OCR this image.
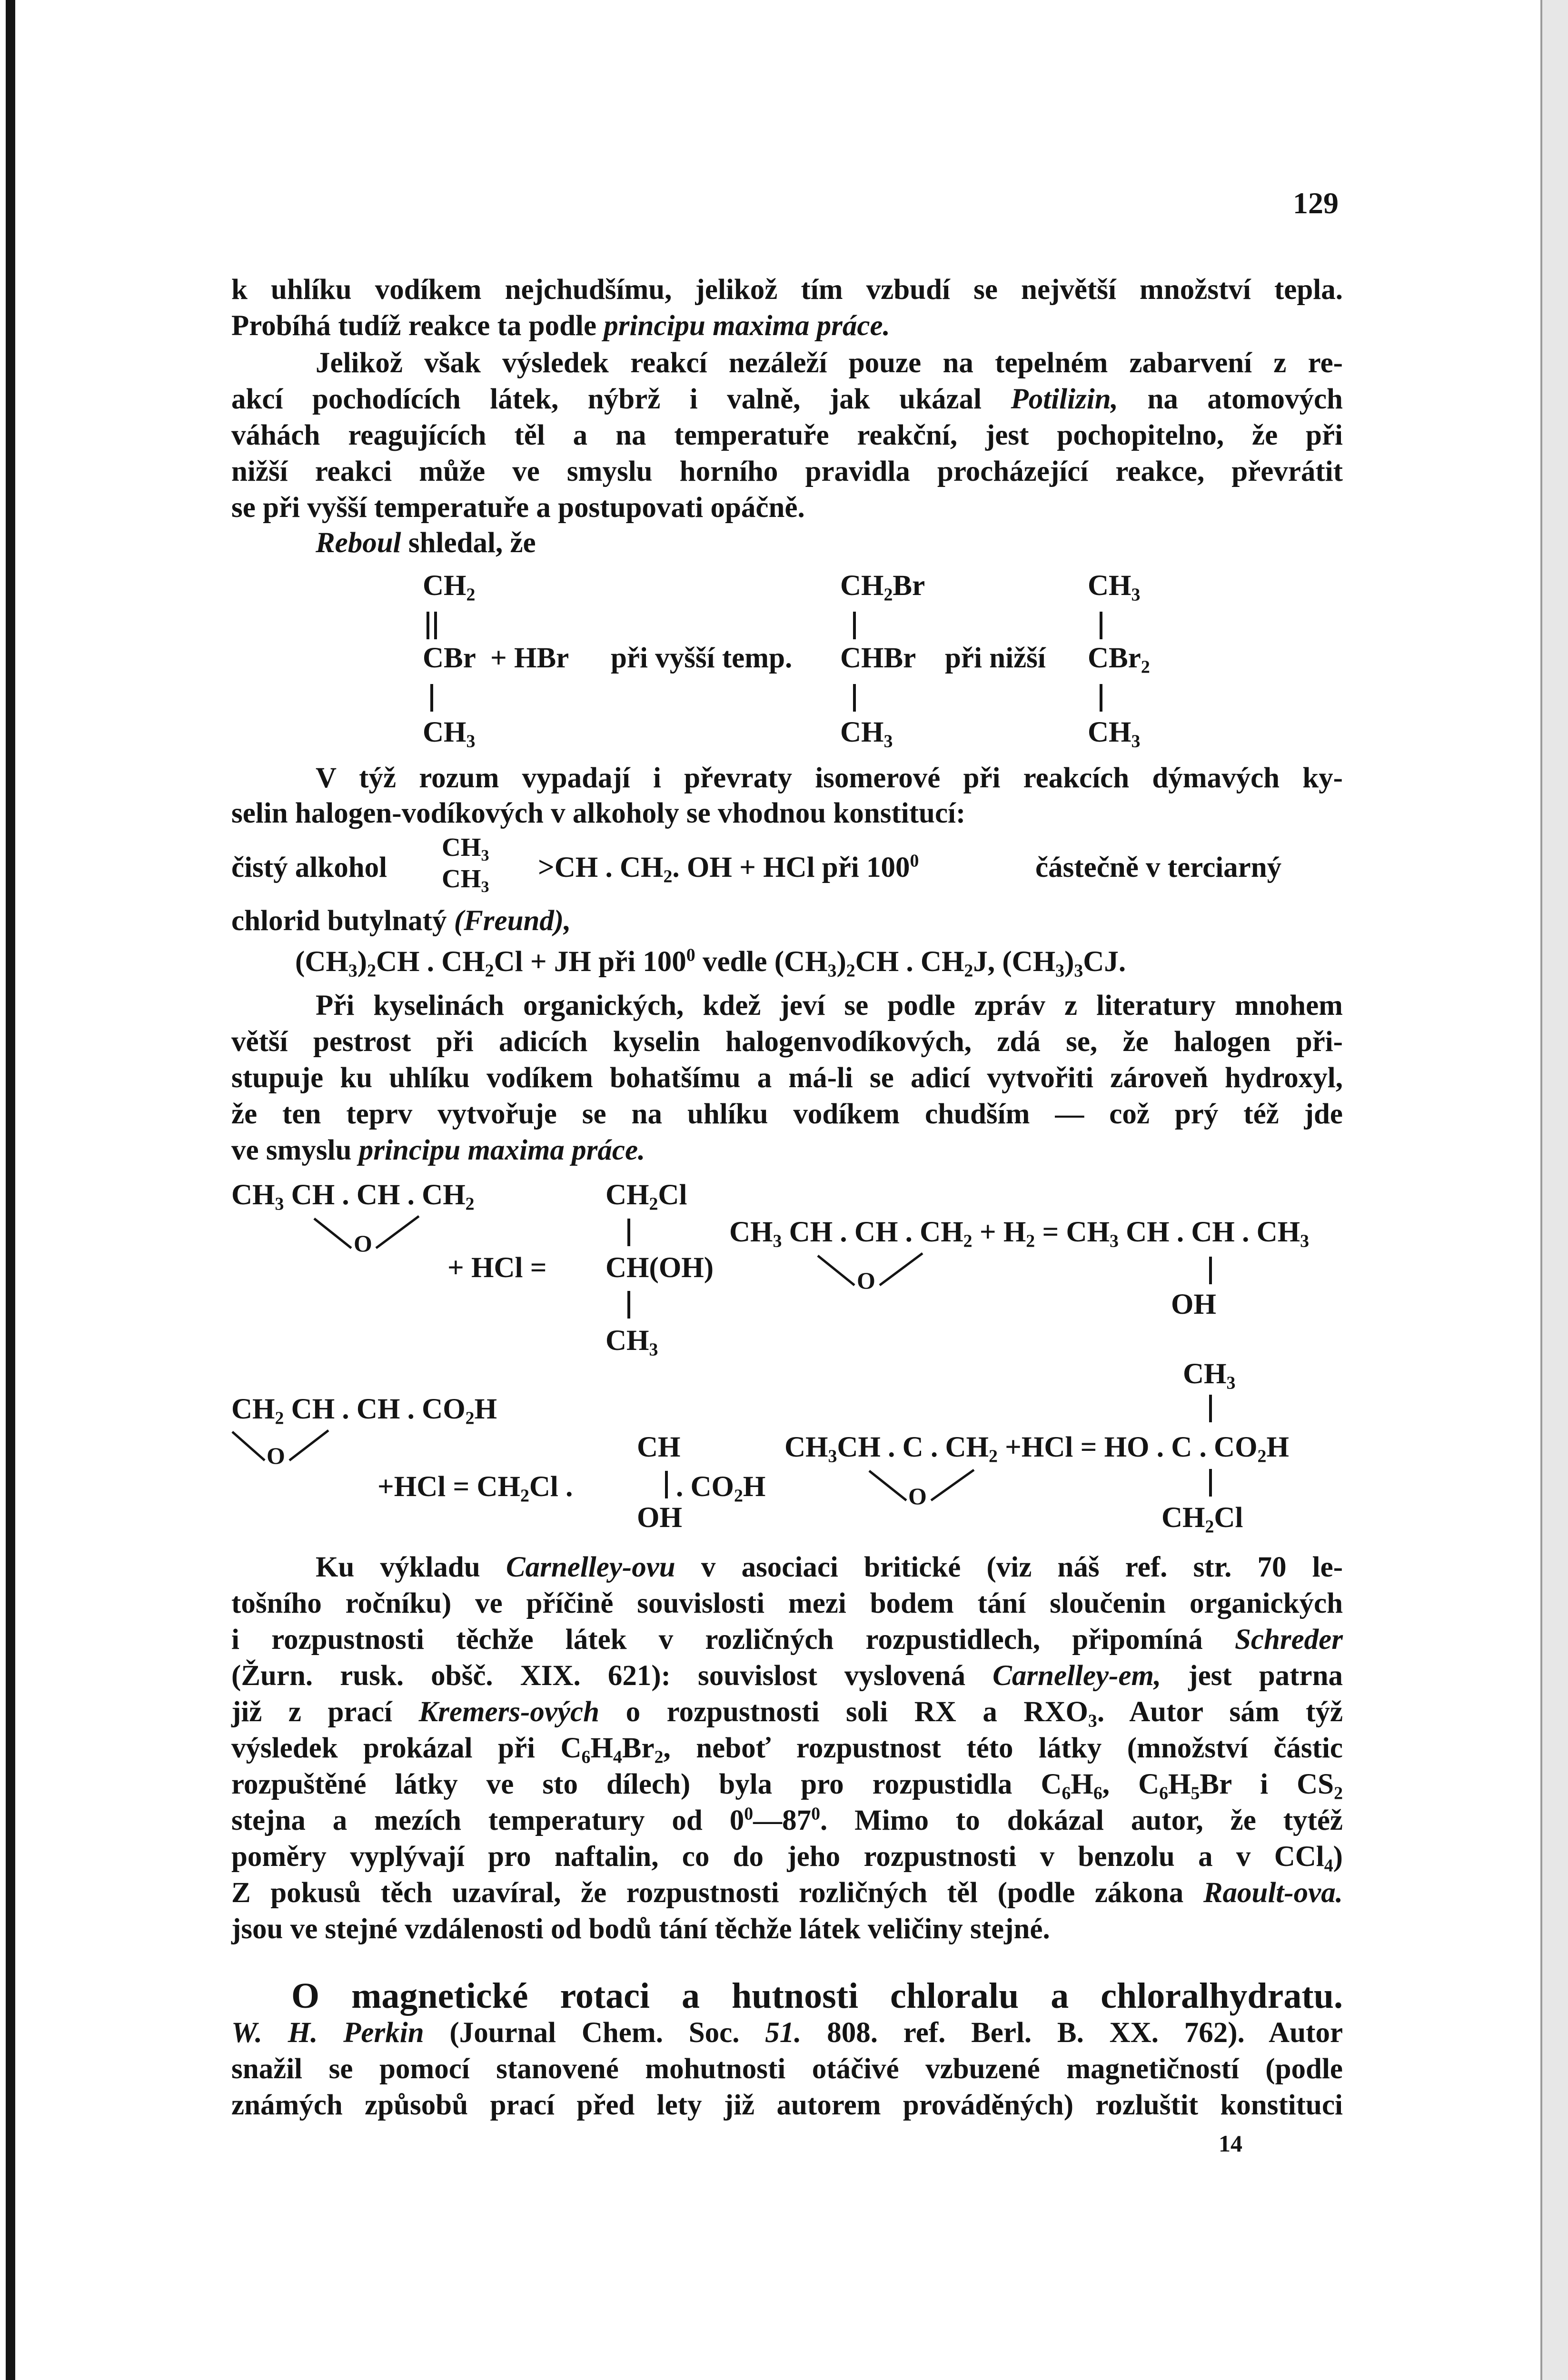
129
k uhlíku vodíkem nejchudšímu, jelikož tím vzbudí se největší množství tepla.
Probíhá tudíž reakce ta podle principu maxima práce.
Jelikož však výsledek reakcí nezáleží pouze na tepelném zabarvení z re-
akcí pochodících látek, nýbrž i valně, jak ukázal Potilizin, na atomových
váhách reagujících těl a na temperatuře reakční, jest pochopitelno, že při
nižší reakci může ve smyslu horního pravidla procházející reakce, převrátit
se při vyšší temperatuře a postupovati opáčně.
Reboul shledal, že
$CH_2$
CBr + HBr při vyšší temp.
$CH_3$
$CH_2Br$
CHBr při nižší
$CH_3$
$CH_3$
CBr$_2$
$CH_3$
V týž rozum vypadají i převraty isomerové při reakcích dýmavých ky-
selin halogen-vodíkových v alkoholy se vhodnou konstitucí:
čistý alkohol
$CH_3$
$CH_3$
>CH . $CH_2$. OH + HCl při $100^0$	částečně v terciarný
chlorid butylnatý (Freund),
$(CH_3)_2CH$ . $CH_2Cl$ + JH při $100^0$ vedle $(CH_3)_2CH$ . $CH_2J$, $(CH_3)_3CJ$.
Při kyselinách organických, kdež jeví se podle zpráv z literatury mnohem
větší pestrost při adicích kyselin halogenvodíkových, zdá se, že halogen při-
stupuje ku uhlíku vodíkem bohatšímu a má-li se adicí vytvořiti zároveň hydroxyl,
že ten teprv vytvořuje se na uhlíku vodíkem chudším — což prý též jde
ve smyslu principu maxima práce.
$CH_3$ CH . CH . $CH_2$
O
+ HCl =
$CH_2Cl$
CH(OH)
$CH_3$
$CH_3$ CH . CH . $CH_2 + H_2 = CH_3$ CH . CH . $CH_3$
O
OH
$CH_3$
$CH_2$ CH . CH . $CO_2H$
O
$+HCl = CH_2Cl$ .
CH
. $CO_2H$
OH
$CH_3CH$ . C . $CH_2 +HCl$ = HO . C . $CO_2H$
O
$CH_2Cl$
Ku výkladu Carnelley-ovu v asociaci britické (viz náš ref. str. 70 le-
tošního ročníku) ve příčině souvislosti mezi bodem tání sloučenin organických
i rozpustnosti těchže látek v rozličných rozpustidlech, připomíná Schreder
(Žurn. rusk. obšč. XIX. 621): souvislost vyslovená Carnelley-em, jest patrna
již z prací Kremers-ových o rozpustnosti soli RX a $RXO_3$. Autor sám týž
výsledek prokázal při $C_6H_4Br_2$, neboť rozpustnost této látky (množství částic
rozpuštěné látky ve sto dílech) byla pro rozpustidla $C_6H_6$, $C_6H_5Br$ i $CS_2$
stejna a mezích temperatury od $0^0—87^0$. Mimo to dokázal autor, že tytéž
poměry vyplývají pro naftalin, co do jeho rozpustnosti v benzolu a v CCl$_4$)
Z pokusů těch uzavíral, že rozpustnosti rozličných těl (podle zákona Raoult-ova.
jsou ve stejné vzdálenosti od bodů tání těchže látek veličiny stejné.
O magnetické rotaci a hutnosti chloralu a chloralhydratu.
W. H. Perkin (Journal Chem. Soc. 51. 808. ref. Berl. B. XX. 762). Autor
snažil se pomocí stanovené mohutnosti otáčivé vzbuzené magnetičností (podle
známých způsobů prací před lety již autorem prováděných) rozluštit konstituci
14
